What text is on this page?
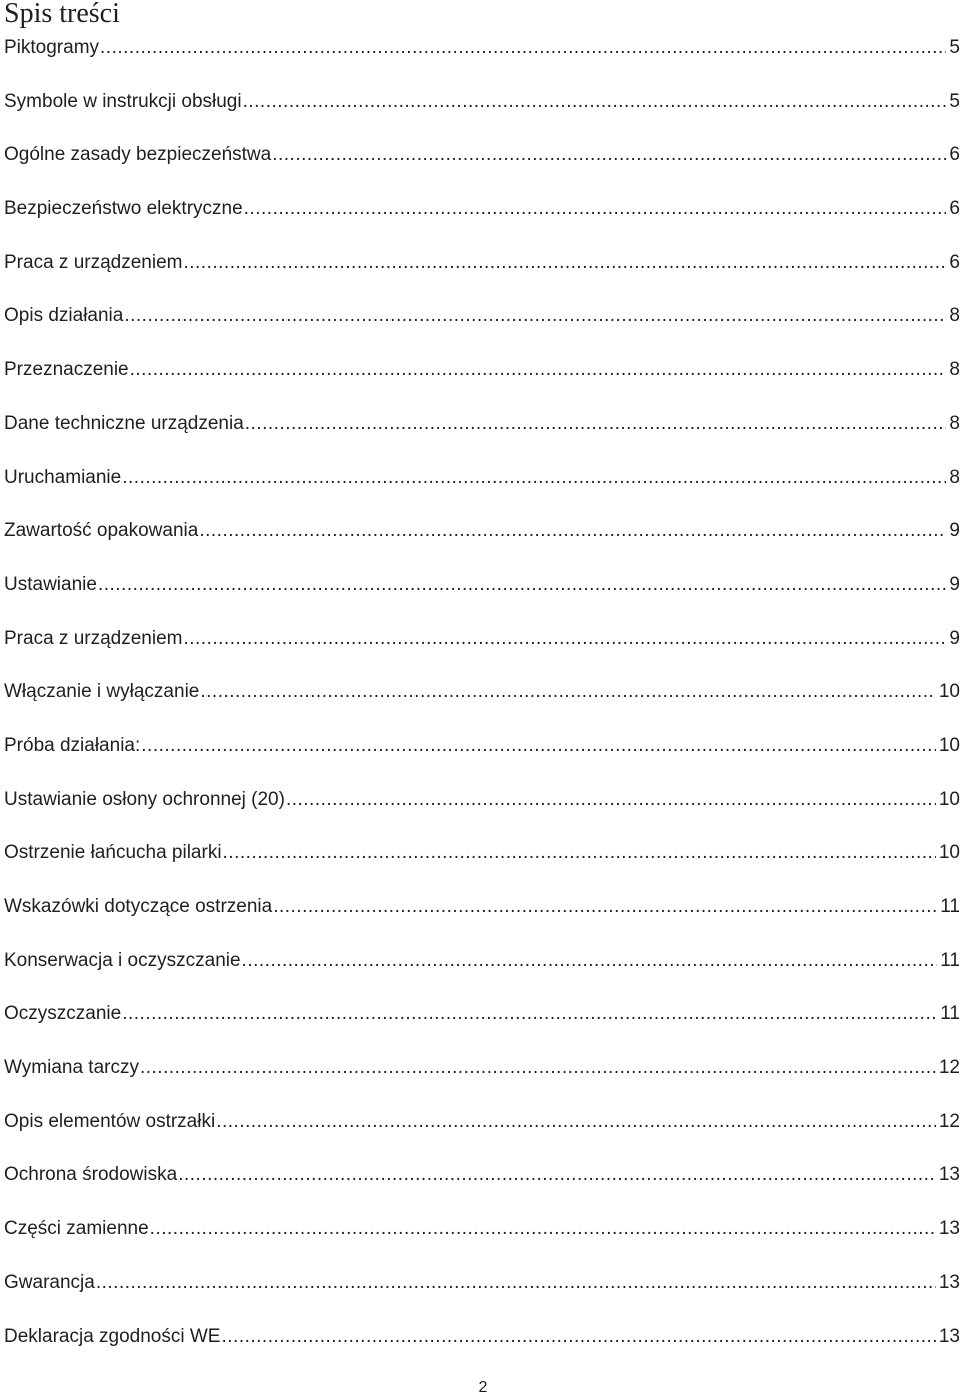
Spis treści
Piktogramy .....	5
Symbole w instrukcji obsługi .....	5
Ogólne zasady bezpieczeństwa .....	6
Bezpieczeństwo elektryczne .....	6
Praca z urządzeniem .....	6
Opis działania .....	8
Przeznaczenie .....	8
Dane techniczne urządzenia .....	8
Uruchamianie .....	8
Zawartość opakowania .....	9
Ustawianie .....	9
Praca z urządzeniem .....	9
Włączanie i wyłączanie .....	10
Próba działania: .....	10
Ustawianie osłony ochronnej (20) .....	10
Ostrzenie łańcucha pilarki .....	10
Wskazówki dotyczące ostrzenia .....	11
Konserwacja i oczyszczanie .....	11
Oczyszczanie .....	11
Wymiana tarczy .....	12
Opis elementów ostrzałki .....	12
Ochrona środowiska .....	13
Części zamienne .....	13
Gwarancja .....	13
Deklaracja zgodności WE .....	13
2
